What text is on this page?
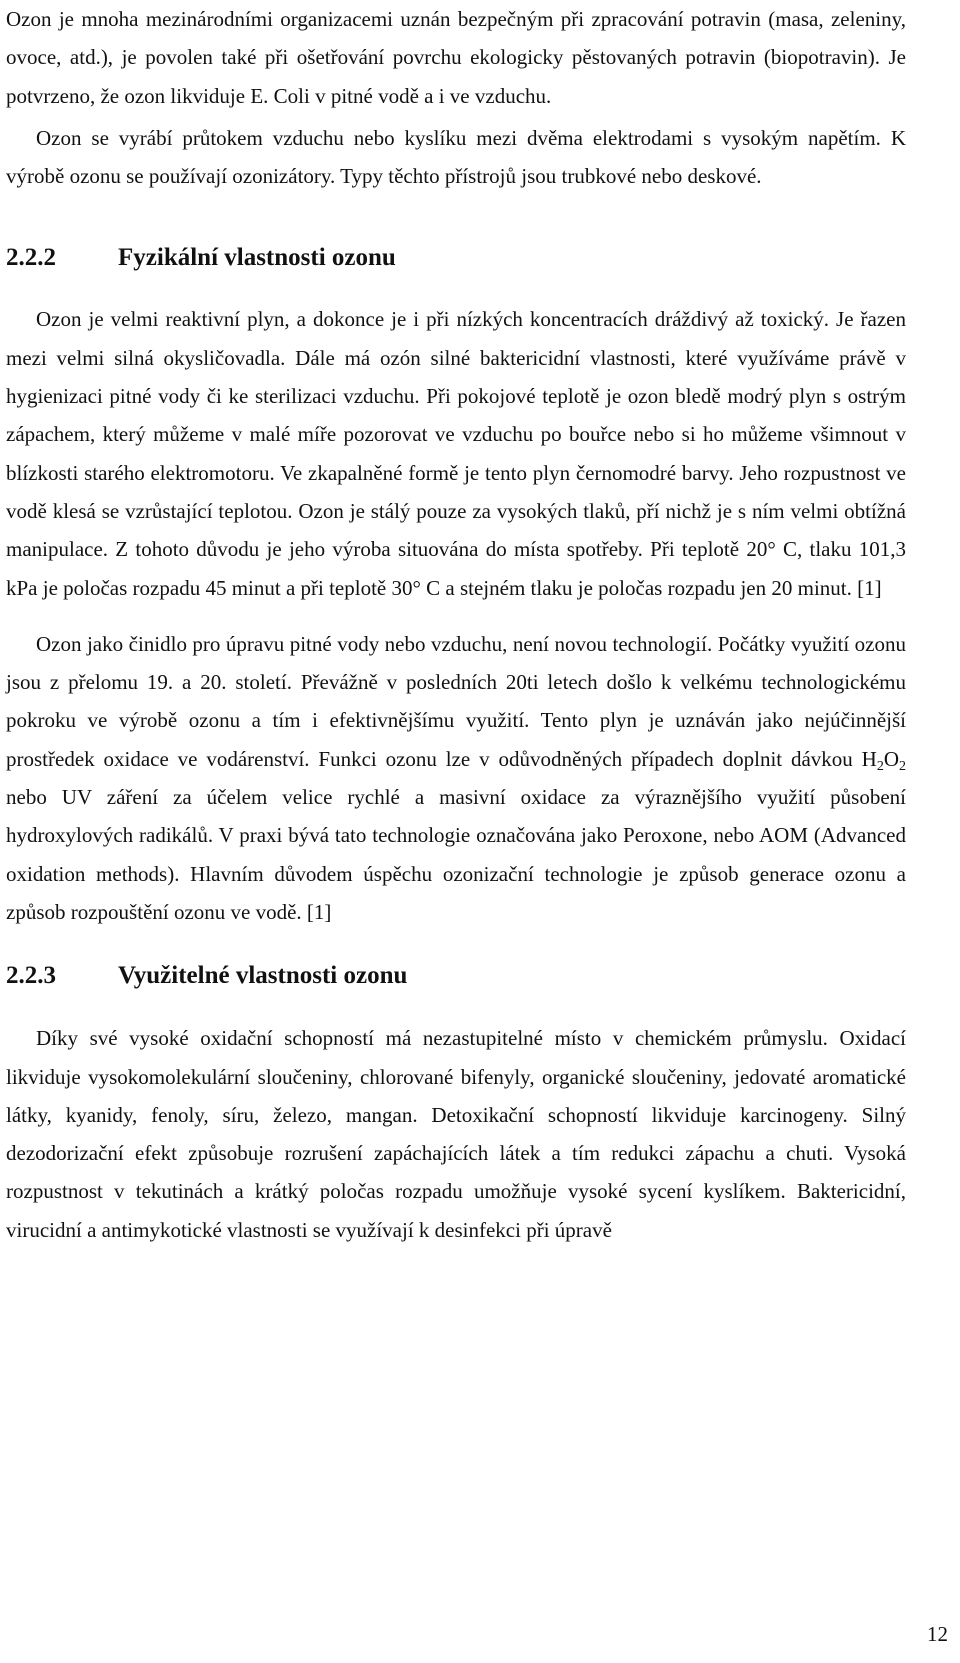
Ozon je mnoha mezinárodními organizacemi uznán bezpečným při zpracování potravin (masa, zeleniny, ovoce, atd.), je povolen také při ošetřování povrchu ekologicky pěstovaných potravin (biopotravin). Je potvrzeno, že ozon likviduje E. Coli v pitné vodě a i ve vzduchu.

Ozon se vyrábí průtokem vzduchu nebo kyslíku mezi dvěma elektrodami s vysokým napětím. K výrobě ozonu se používají ozonizátory. Typy těchto přístrojů jsou trubkové nebo deskové.

2.2.2	Fyzikální vlastnosti ozonu

Ozon je velmi reaktivní plyn, a dokonce je i při nízkých koncentracích dráždivý až toxický. Je řazen mezi velmi silná okysličovadla. Dále má ozón silné baktericidní vlastnosti, které využíváme právě v hygienizaci pitné vody či ke sterilizaci vzduchu. Při pokojové teplotě je ozon bledě modrý plyn s ostrým zápachem, který můžeme v malé míře pozorovat ve vzduchu po bouřce nebo si ho můžeme všimnout v blízkosti starého elektromotoru. Ve zkapalněné formě je tento plyn černomodré barvy. Jeho rozpustnost ve vodě klesá se vzrůstající teplotou. Ozon je stálý pouze za vysokých tlaků, pří nichž je s ním velmi obtížná manipulace. Z tohoto důvodu je jeho výroba situována do místa spotřeby. Při teplotě 20° C, tlaku 101,3 kPa je poločas rozpadu 45 minut a při teplotě 30° C a stejném tlaku je poločas rozpadu jen 20 minut. [1]

Ozon jako činidlo pro úpravu pitné vody nebo vzduchu, není novou technologií. Počátky využití ozonu jsou z přelomu 19. a 20. století. Převážně v posledních 20ti letech došlo k velkému technologickému pokroku ve výrobě ozonu a tím i efektivnějšímu využití. Tento plyn je uznáván jako nejúčinnější prostředek oxidace ve vodárenství. Funkci ozonu lze v odůvodněných případech doplnit dávkou $H_2O_2$ nebo UV záření za účelem velice rychlé a masivní oxidace za výraznějšího využití působení hydroxylových radikálů. V praxi bývá tato technologie označována jako Peroxone, nebo AOM (Advanced oxidation methods). Hlavním důvodem úspěchu ozonizační technologie je způsob generace ozonu a způsob rozpouštění ozonu ve vodě. [1]

2.2.3	Využitelné vlastnosti ozonu

Díky své vysoké oxidační schopností má nezastupitelné místo v chemickém průmyslu. Oxidací likviduje vysokomolekulární sloučeniny, chlorované bifenyly, organické sloučeniny, jedovaté aromatické látky, kyanidy, fenoly, síru, železo, mangan. Detoxikační schopností likviduje karcinogeny. Silný dezodorizační efekt způsobuje rozrušení zapáchajících látek a tím redukci zápachu a chuti. Vysoká rozpustnost v tekutinách a krátký poločas rozpadu umožňuje vysoké sycení kyslíkem. Baktericidní, virucidní a antimykotické vlastnosti se využívají k desinfekci při úpravě

12
